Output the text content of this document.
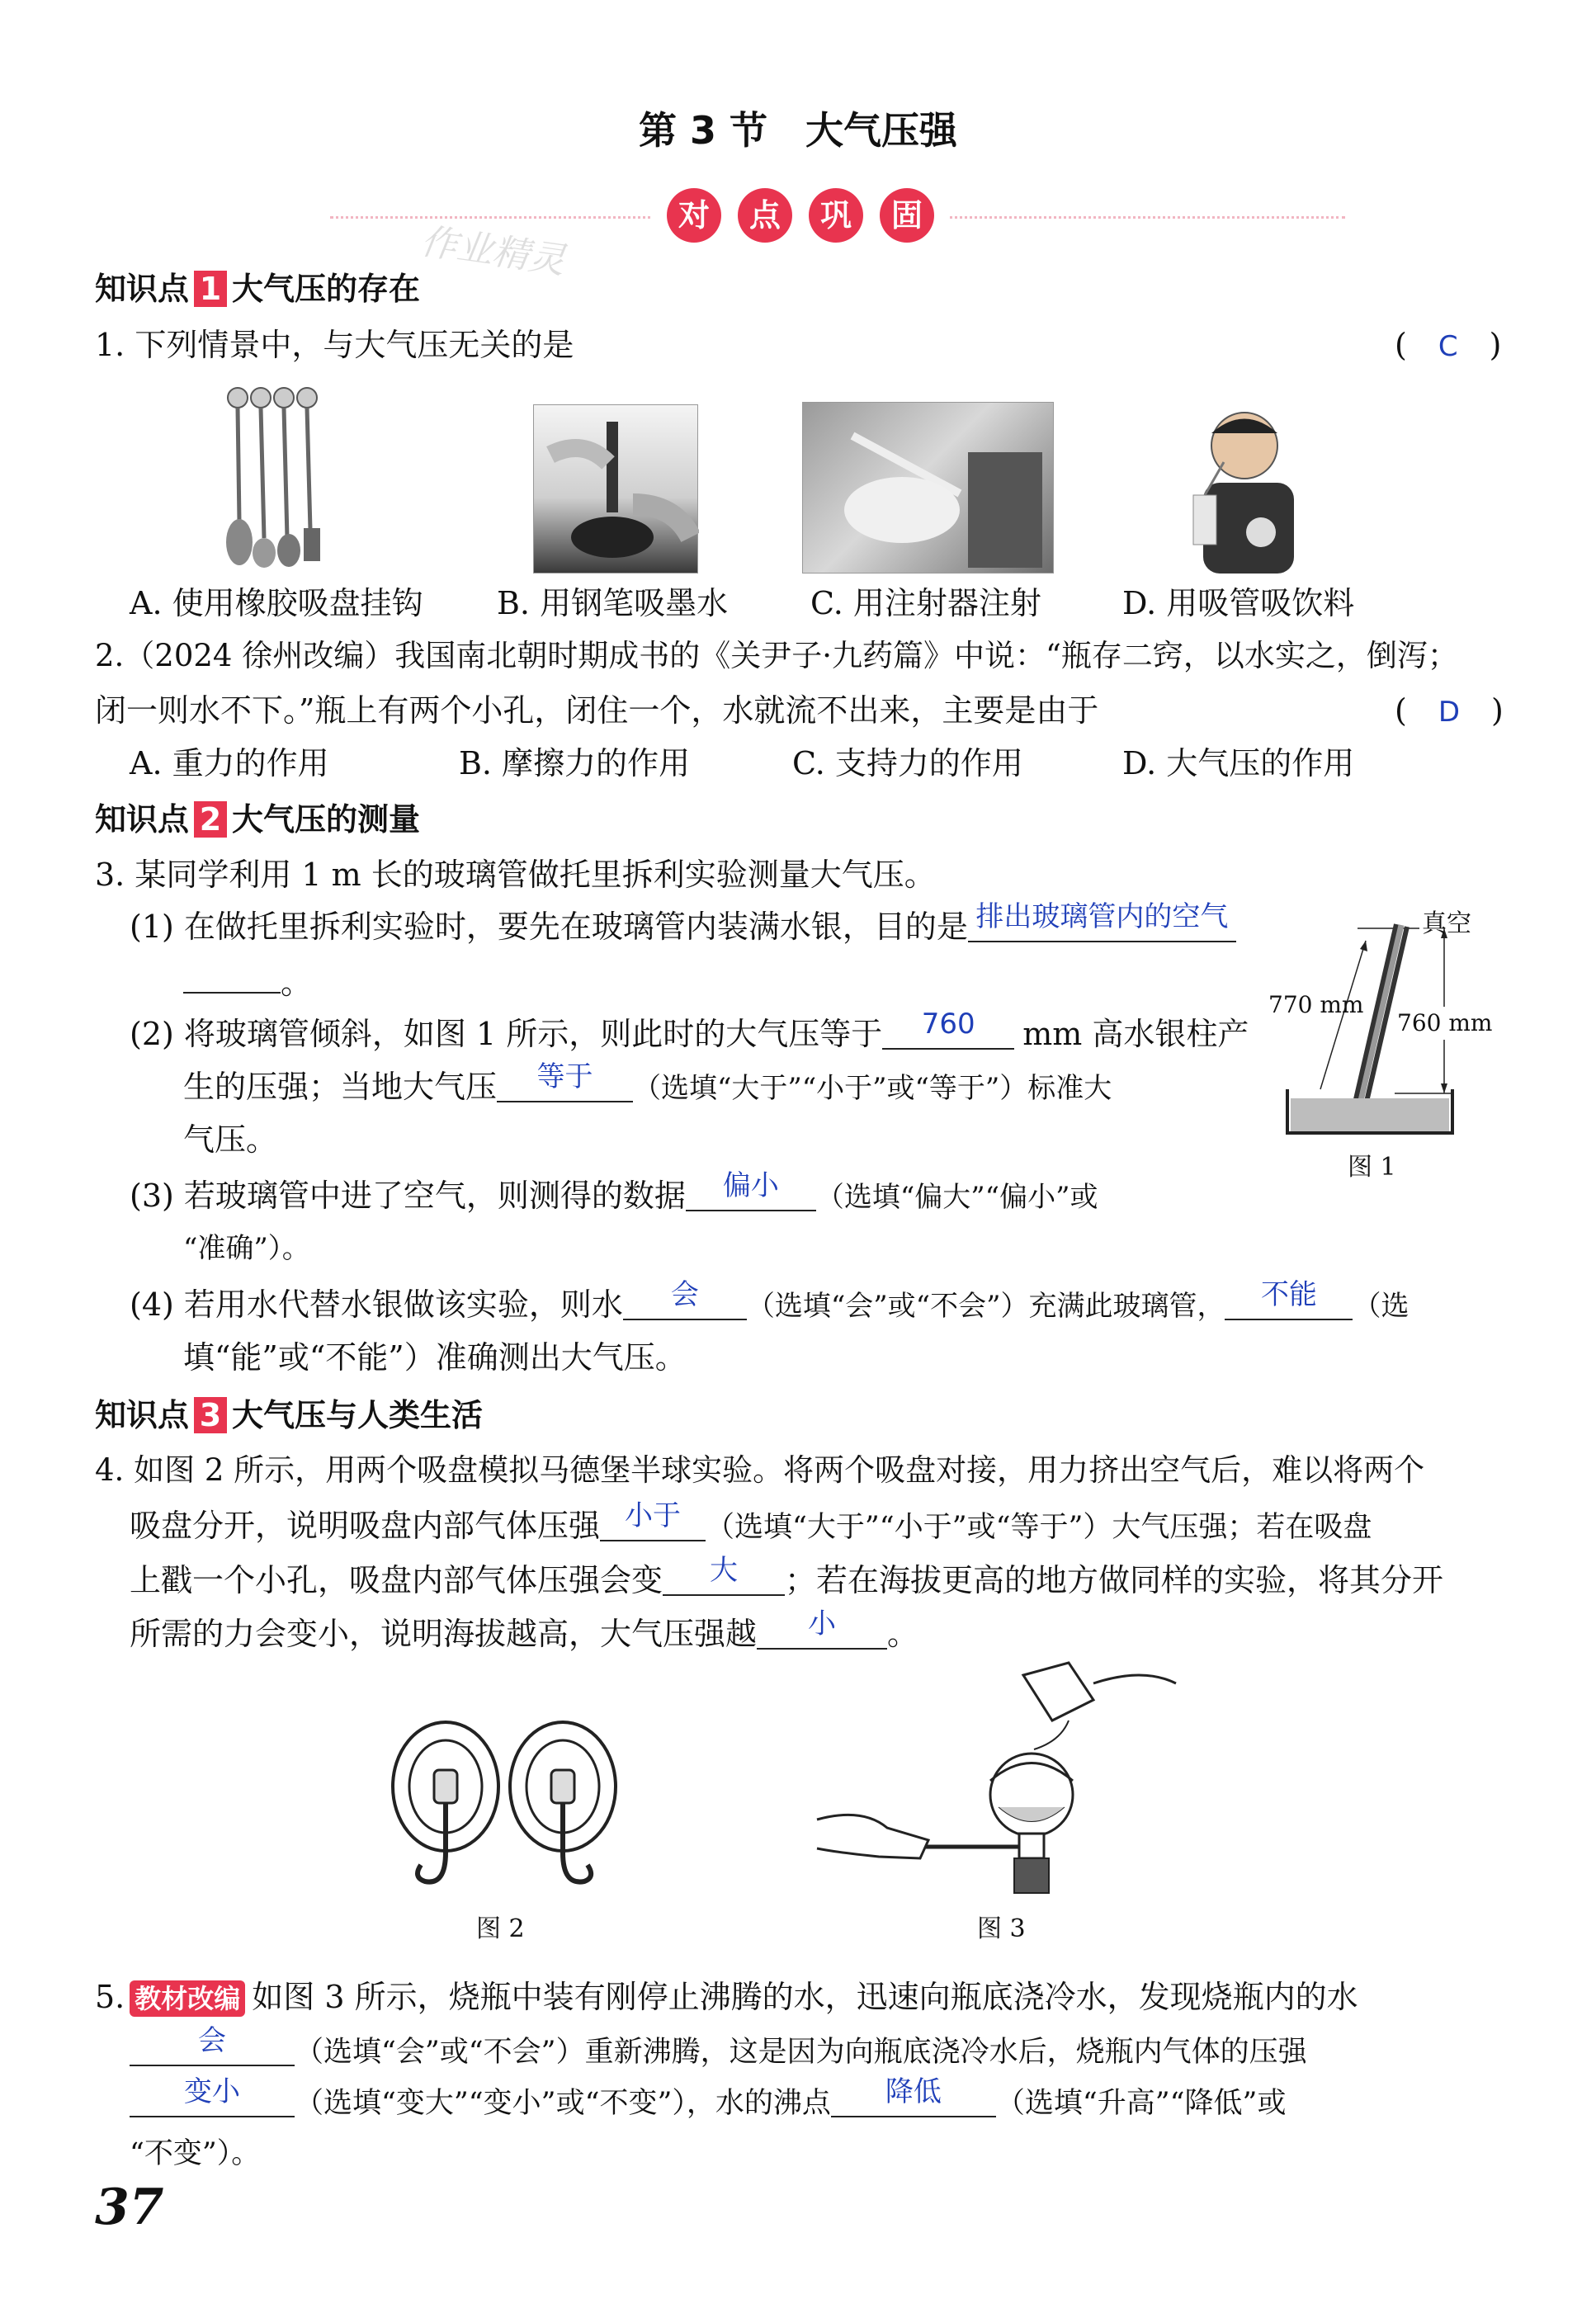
第 3 节　大气压强
对 点 巩 固
作业精灵
知识点 1 大气压的存在
1. 下列情景中，与大气压无关的是	(　C　)
A. 使用橡胶吸盘挂钩 B. 用钢笔吸墨水	C. 用注射器注射	D. 用吸管吸饮料
2.（2024 徐州改编）我国南北朝时期成书的《关尹子·九药篇》中说：“瓶存二窍，以水实之，倒泻；
闭一则水不下。”瓶上有两个小孔，闭住一个，水就流不出来，主要是由于	(　D　)
A. 重力的作用	B. 摩擦力的作用	C. 支持力的作用	D. 大气压的作用
知识点 2 大气压的测量
3. 某同学利用 1 m 长的玻璃管做托里拆利实验测量大气压。
(1) 在做托里拆利实验时，要先在玻璃管内装满水银，目的是 排出玻璃管内的空气
。
(2) 将玻璃管倾斜，如图 1 所示，则此时的大气压等于 760 mm 高水银柱产
生的压强；当地大气压 等于 （选填“大于”“小于”或“等于”）标准大
气压。
(3) 若玻璃管中进了空气，则测得的数据 偏小 （选填“偏大”“偏小”或
“准确”）。
(4) 若用水代替水银做该实验，则水 会 （选填“会”或“不会”）充满此玻璃管， 不能 （选
填“能”或“不能”）准确测出大气压。
真空
770 mm
760 mm
图 1
知识点 3 大气压与人类生活
4. 如图 2 所示，用两个吸盘模拟马德堡半球实验。将两个吸盘对接，用力挤出空气后，难以将两个
吸盘分开，说明吸盘内部气体压强 小于 （选填“大于”“小于”或“等于”）大气压强；若在吸盘
上戳一个小孔，吸盘内部气体压强会变 大 ；若在海拔更高的地方做同样的实验，将其分开
所需的力会变小，说明海拔越高，大气压强越 小 。
图 2	图 3
5. 教材改编 如图 3 所示，烧瓶中装有刚停止沸腾的水，迅速向瓶底浇冷水，发现烧瓶内的水
会 （选填“会”或“不会”）重新沸腾，这是因为向瓶底浇冷水后，烧瓶内气体的压强
变小 （选填“变大”“变小”或“不变”），水的沸点 降低 （选填“升高”“降低”或
“不变”）。
37
